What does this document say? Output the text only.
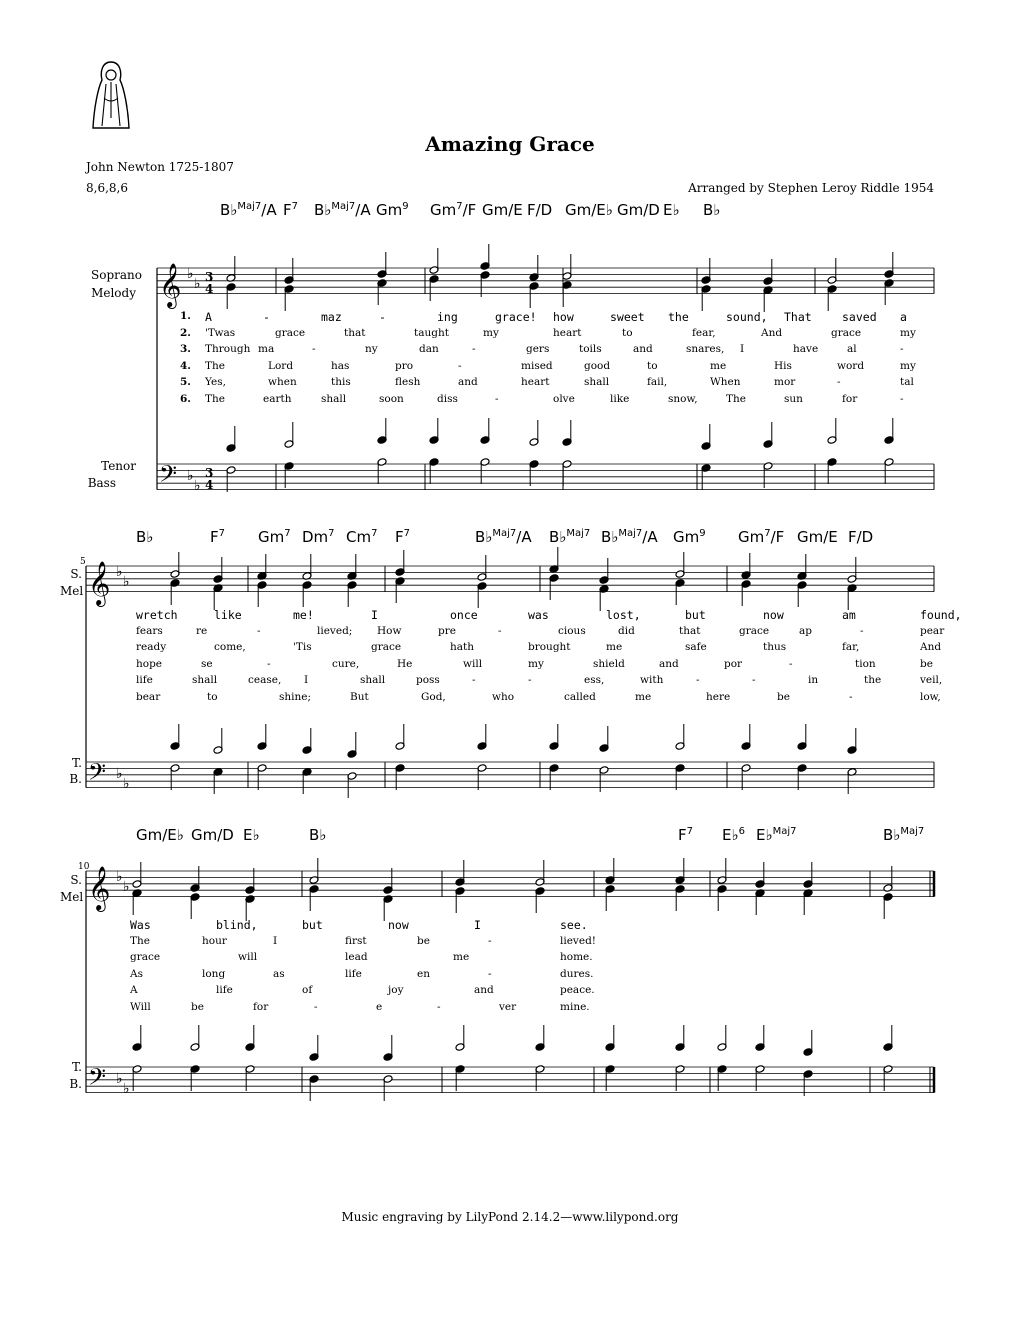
Amazing Grace
John Newton 1725-1807
8,6,8,6	Arranged by Stephen Leroy Riddle 1954
Soprano
Melody
Tenor
Bass
S.
Mel
T.
B.
S.
Mel
T.
B.
5
10
𝄞 ♭
♭ 3
4
𝄢 ♭
♭
3
4
𝄞 ♭
♭
𝄢 ♭
♭
𝄞 ♭
♭
𝄢 ♭
♭
B♭$^{Maj7}$/A $F^7$ B♭$^{Maj7}$/A Gm$^9$ Gm$^7$/F Gm/E F/D Gm/E♭ Gm/D E♭ B♭
B♭	$F^7$ Gm$^7$ Dm$^7$ Cm$^7$ $F^7$	B♭$^{Maj7}$/A B♭$^{Maj7}$ B♭$^{Maj7}$/A Gm$^9$ Gm$^7$/F Gm/E F/D
Gm/E♭ Gm/D E♭	B♭	$F^7$ E♭$^6$ E♭$^{Maj7}$	B♭$^{Maj7}$
A	-	maz	-	ing	grace! how	sweet the	sound, That	saved a
'Twas	grace	that	taught	my	heart	to	fear,	And	grace	my
Through ma	-	ny	dan	-	gers	toils	and	snares, I	have	al	-
The	Lord	has	pro	-	mised	good	to	me	His	word	my
Yes,	when	this	flesh	and	heart	shall	fail,	When	mor	-	tal
The	earth	shall	soon	diss	-	olve	like	snow,	The	sun	for	-
wretch	like	me!	I	once	was	lost,	but	now	am	found,
fears	re	-	lieved; How	pre	-	cious	did	that	grace	ap	-	pear
ready	come,	'Tis	grace	hath	brought	me	safe	thus	far,	And
hope	se	-	cure,	He	will	my	shield	and	por	-	tion	be
life	shall	cease, I	shall	poss	-	-	ess,	with	-	-	in	the	veil,
bear	to	shine;	But	God,	who	called	me	here	be	-	low,
Was	blind,	but	now	I	see.
The	hour	I	first	be	-	lieved!
grace	will	lead	me	home.
As	long	as	life	en	-	dures.
A	life	of	joy	and	peace.
Will	be	for	-	e	-	ver	mine.
Music engraving by LilyPond 2.14.2—www.lilypond.org
1.
2.
3.
4.
5.
6.
